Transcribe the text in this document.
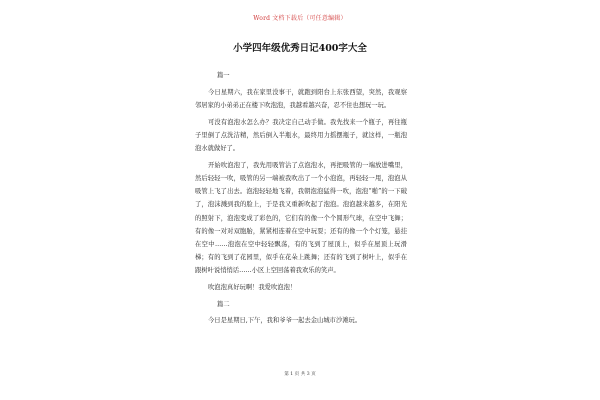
Word 文档下载后（可任意编辑）
小学四年级优秀日记400字大全

篇一

今日星期六，我在家里没事干，就跑到阳台上东张西望，突然，我观察邻居家的小弟弟正在楼下吹泡泡，我越看越兴奋，忍不住也想玩一玩。

可没有泡泡水怎么办？我决定自己动手做。我先找来一个瓶子，再往瓶子里倒了点洗洁精，然后倒入半瓶水，最终用力摇摆瓶子，就这样，一瓶泡泡水就做好了。

开始吹泡泡了，我先用吸管沾了点泡泡水，再把吸管的一端放进嘴里，然后轻轻一吹，吸管的另一端被我吹出了一个小泡泡，再轻轻一甩，泡泡从吸管上飞了出去。泡泡轻轻地飞着，我朝泡泡猛得一吹，泡泡“啪”的一下破了，泡沫溅到我的脸上，于是我又重新吹起了泡泡。泡泡越来越多，在阳光的照射下，泡泡变成了彩色的，它们有的像一个个圆形气球，在空中飞舞；有的像一对对双胞胎，紧紧相连着在空中玩耍；还有的像一个个灯笼，悬挂在空中……泡泡在空中轻轻飘荡，有的飞到了屋顶上，似乎在屋顶上玩滑梯；有的飞到了花园里，似乎在花朵上跳舞；还有的飞到了树叶上，似乎在跟树叶说悄悄话……小区上空回荡着我欢乐的笑声。

吹泡泡真好玩啊！我爱吹泡泡！

篇二

今日是星期日,下午，我和爷爷一起去金山城市沙滩玩。

第 1 页 共 3 页
